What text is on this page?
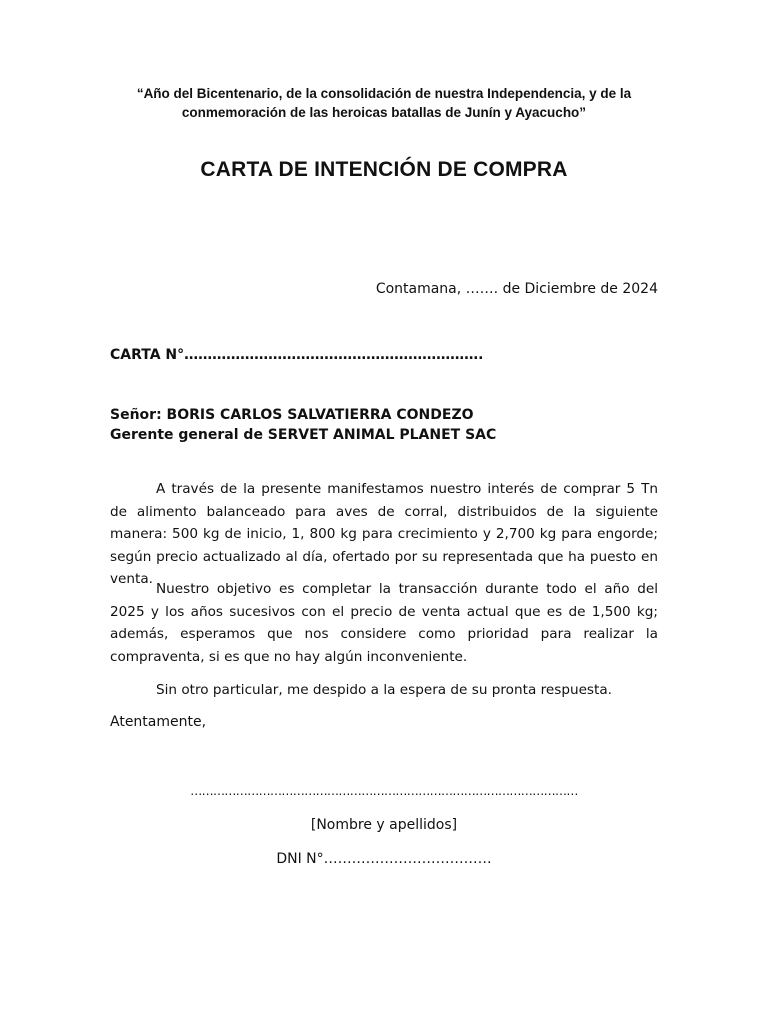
“Año del Bicentenario, de la consolidación de nuestra Independencia, y de la
conmemoración de las heroicas batallas de Junín y Ayacucho”
CARTA DE INTENCIÓN DE COMPRA
Contamana, ……. de Diciembre de 2024
CARTA N°……………………………………………………….
Señor: BORIS CARLOS SALVATIERRA CONDEZO
Gerente general de SERVET ANIMAL PLANET SAC

A través de la presente manifestamos nuestro interés de comprar 5 Tn de alimento balanceado para aves de corral, distribuidos de la siguiente manera: 500 kg de inicio, 1, 800 kg para crecimiento y 2,700 kg para engorde; según precio actualizado al día, ofertado por su representada que ha puesto en venta.

Nuestro objetivo es completar la transacción durante todo el año del 2025 y los años sucesivos con el precio de venta actual que es de 1,500 kg; además, esperamos que nos considere como prioridad para realizar la compraventa, si es que no hay algún inconveniente.

Sin otro particular, me despido a la espera de su pronta respuesta.

Atentamente,
…………………………………………………………………………………………
[Nombre y apellidos]
DNI N°………………………………
